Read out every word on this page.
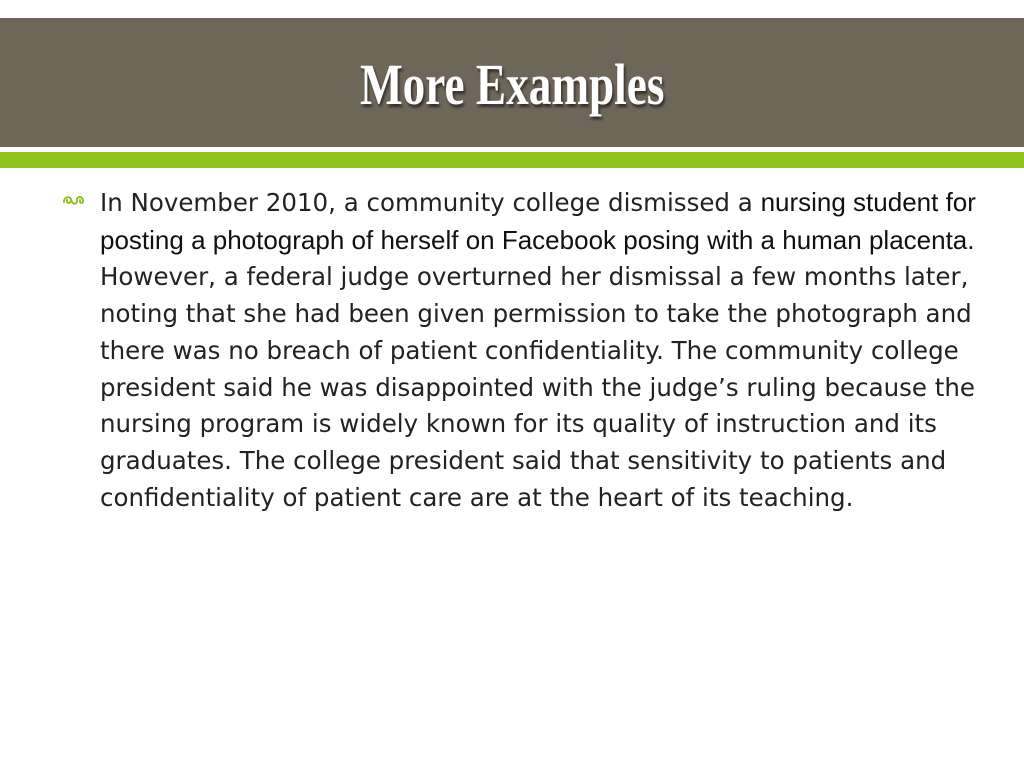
More Examples
In November 2010, a community college dismissed a nursing student for posting a photograph of herself on Facebook posing with a human placenta. However, a federal judge overturned her dismissal a few months later, noting that she had been given permission to take the photograph and there was no breach of patient confidentiality. The community college president said he was disappointed with the judge’s ruling because the nursing program is widely known for its quality of instruction and its graduates. The college president said that sensitivity to patients and confidentiality of patient care are at the heart of its teaching.
